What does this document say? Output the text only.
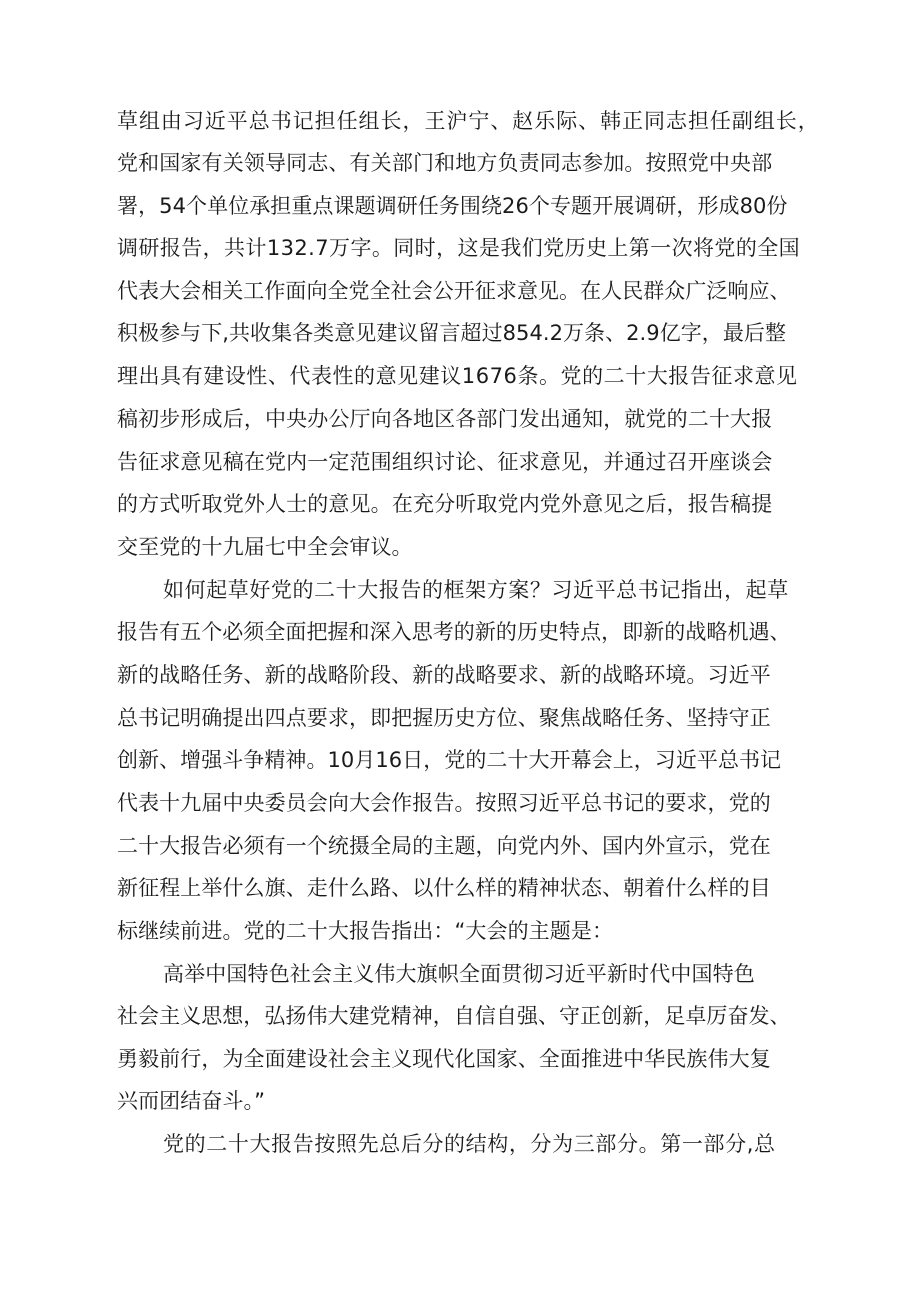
草组由习近平总书记担任组长，王沪宁、赵乐际、韩正同志担任副组长，
党和国家有关领导同志、有关部门和地方负责同志参加。按照党中央部
署，54个单位承担重点课题调研任务围绕26个专题开展调研，形成80份
调研报告，共计132.7万字。同时，这是我们党历史上第一次将党的全国
代表大会相关工作面向全党全社会公开征求意见。在人民群众广泛响应、
积极参与下,共收集各类意见建议留言超过854.2万条、2.9亿字，最后整
理出具有建设性、代表性的意见建议1676条。党的二十大报告征求意见
稿初步形成后，中央办公厅向各地区各部门发出通知，就党的二十大报
告征求意见稿在党内一定范围组织讨论、征求意见，并通过召开座谈会
的方式听取党外人士的意见。在充分听取党内党外意见之后，报告稿提
交至党的十九届七中全会审议。
如何起草好党的二十大报告的框架方案？习近平总书记指出，起草
报告有五个必须全面把握和深入思考的新的历史特点，即新的战略机遇、
新的战略任务、新的战略阶段、新的战略要求、新的战略环境。习近平
总书记明确提出四点要求，即把握历史方位、聚焦战略任务、坚持守正
创新、增强斗争精神。10月16日，党的二十大开幕会上，习近平总书记
代表十九届中央委员会向大会作报告。按照习近平总书记的要求，党的
二十大报告必须有一个统摄全局的主题，向党内外、国内外宣示，党在
新征程上举什么旗、走什么路、以什么样的精神状态、朝着什么样的目
标继续前进。党的二十大报告指出：“大会的主题是：
高举中国特色社会主义伟大旗帜全面贯彻习近平新时代中国特色
社会主义思想，弘扬伟大建党精神，自信自强、守正创新，足卓厉奋发、
勇毅前行，为全面建设社会主义现代化国家、全面推进中华民族伟大复
兴而团结奋斗。”
党的二十大报告按照先总后分的结构，分为三部分。第一部分,总
